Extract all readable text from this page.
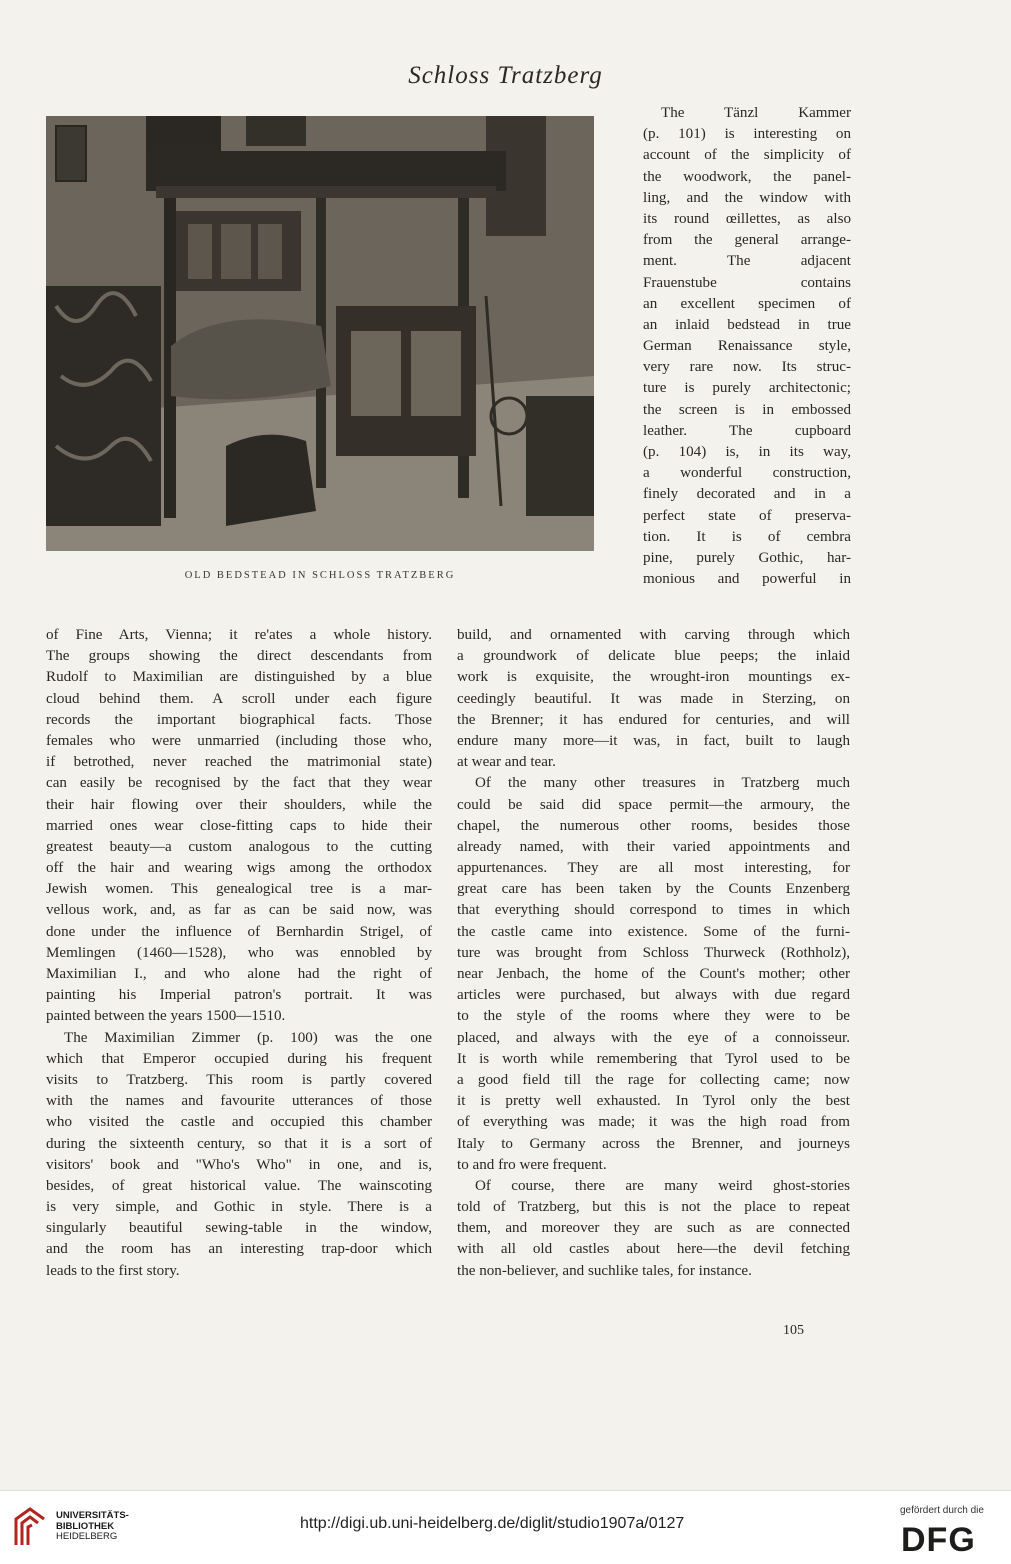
Schloss Tratzberg
OLD BEDSTEAD IN SCHLOSS TRATZBERG
The Tänzl Kammer
(p. 101) is interesting on
account of the simplicity of
the woodwork, the panel-
ling, and the window with
its round œillettes, as also
from the general arrange-
ment. The adjacent
Frauenstube contains
an excellent specimen of
an inlaid bedstead in true
German Renaissance style,
very rare now. Its struc-
ture is purely architectonic;
the screen is in embossed
leather. The cupboard
(p. 104) is, in its way,
a wonderful construction,
finely decorated and in a
perfect state of preserva-
tion. It is of cembra
pine, purely Gothic, har-
monious and powerful in
of Fine Arts, Vienna; it re'ates a whole history.
The groups showing the direct descendants from
Rudolf to Maximilian are distinguished by a blue
cloud behind them. A scroll under each figure
records the important biographical facts. Those
females who were unmarried (including those who,
if betrothed, never reached the matrimonial state)
can easily be recognised by the fact that they wear
their hair flowing over their shoulders, while the
married ones wear close-fitting caps to hide their
greatest beauty—a custom analogous to the cutting
off the hair and wearing wigs among the orthodox
Jewish women. This genealogical tree is a mar-
vellous work, and, as far as can be said now, was
done under the influence of Bernhardin Strigel, of
Memlingen (1460—1528), who was ennobled by
Maximilian I., and who alone had the right of
painting his Imperial patron's portrait. It was
painted between the years 1500—1510.
The Maximilian Zimmer (p. 100) was the one
which that Emperor occupied during his frequent
visits to Tratzberg. This room is partly covered
with the names and favourite utterances of those
who visited the castle and occupied this chamber
during the sixteenth century, so that it is a sort of
visitors' book and "Who's Who" in one, and is,
besides, of great historical value. The wainscoting
is very simple, and Gothic in style. There is a
singularly beautiful sewing-table in the window,
and the room has an interesting trap-door which
leads to the first story.
build, and ornamented with carving through which
a groundwork of delicate blue peeps; the inlaid
work is exquisite, the wrought-iron mountings ex-
ceedingly beautiful. It was made in Sterzing, on
the Brenner; it has endured for centuries, and will
endure many more—it was, in fact, built to laugh
at wear and tear.
Of the many other treasures in Tratzberg much
could be said did space permit—the armoury, the
chapel, the numerous other rooms, besides those
already named, with their varied appointments and
appurtenances. They are all most interesting, for
great care has been taken by the Counts Enzenberg
that everything should correspond to times in which
the castle came into existence. Some of the furni-
ture was brought from Schloss Thurweck (Rothholz),
near Jenbach, the home of the Count's mother; other
articles were purchased, but always with due regard
to the style of the rooms where they were to be
placed, and always with the eye of a connoisseur.
It is worth while remembering that Tyrol used to be
a good field till the rage for collecting came; now
it is pretty well exhausted. In Tyrol only the best
of everything was made; it was the high road from
Italy to Germany across the Brenner, and journeys
to and fro were frequent.
Of course, there are many weird ghost-stories
told of Tratzberg, but this is not the place to repeat
them, and moreover they are such as are connected
with all old castles about here—the devil fetching
the non-believer, and suchlike tales, for instance.
105
UNIVERSITÄTS-
BIBLIOTHEK
HEIDELBERG
http://digi.ub.uni-heidelberg.de/diglit/studio1907a/0127
gefördert durch die
DFG
